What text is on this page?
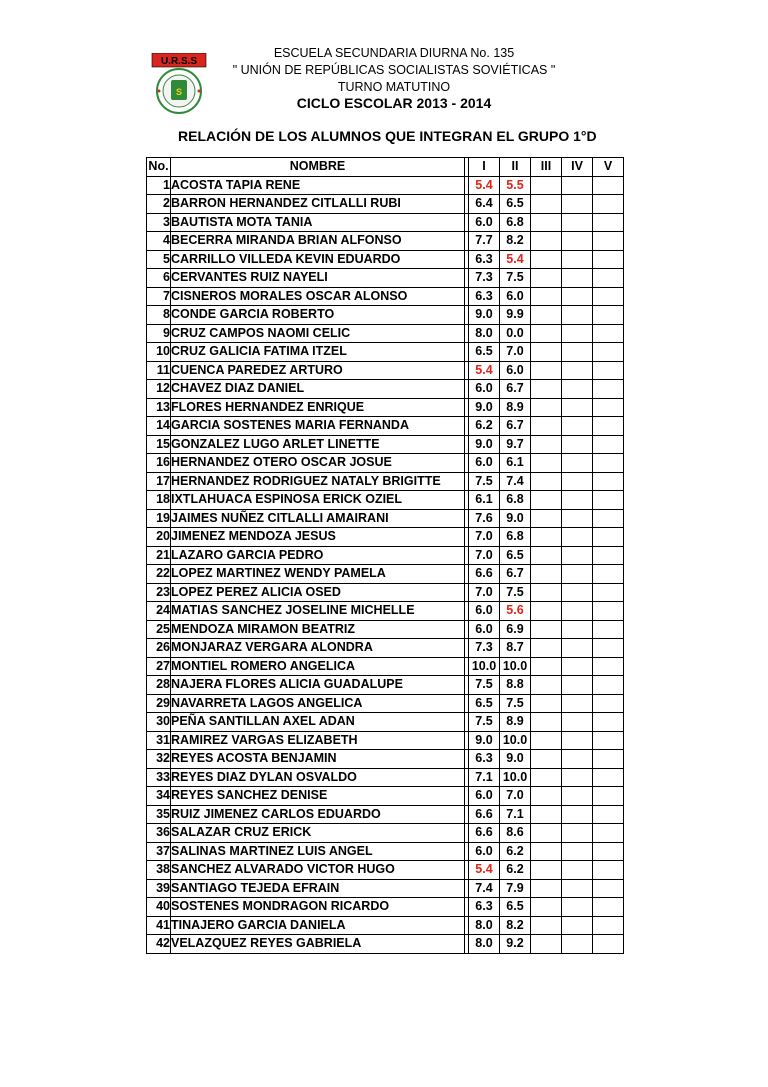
U.R.S.S
S
ESCUELA SECUNDARIA DIURNA No. 135
" UNIÓN DE REPÚBLICAS SOCIALISTAS SOVIÉTICAS "
TURNO MATUTINO
CICLO ESCOLAR 2013 - 2014
RELACIÓN DE LOS ALUMNOS QUE INTEGRAN EL GRUPO 1°D
No.	NOMBRE		I	II	III	IV	V
1	ACOSTA TAPIA RENE		5.4	5.5			
2	BARRON HERNANDEZ CITLALLI RUBI		6.4	6.5			
3	BAUTISTA MOTA TANIA		6.0	6.8			
4	BECERRA MIRANDA BRIAN ALFONSO		7.7	8.2			
5	CARRILLO VILLEDA KEVIN EDUARDO		6.3	5.4			
6	CERVANTES RUIZ NAYELI		7.3	7.5			
7	CISNEROS MORALES OSCAR ALONSO		6.3	6.0			
8	CONDE GARCIA ROBERTO		9.0	9.9			
9	CRUZ CAMPOS NAOMI CELIC		8.0	0.0			
10	CRUZ GALICIA FATIMA ITZEL		6.5	7.0			
11	CUENCA PAREDEZ ARTURO		5.4	6.0			
12	CHAVEZ DIAZ DANIEL		6.0	6.7			
13	FLORES HERNANDEZ ENRIQUE		9.0	8.9			
14	GARCIA SOSTENES MARIA FERNANDA		6.2	6.7			
15	GONZALEZ LUGO ARLET LINETTE		9.0	9.7			
16	HERNANDEZ OTERO OSCAR JOSUE		6.0	6.1			
17	HERNANDEZ RODRIGUEZ NATALY BRIGITTE		7.5	7.4			
18	IXTLAHUACA ESPINOSA ERICK OZIEL		6.1	6.8			
19	JAIMES NUÑEZ CITLALLI AMAIRANI		7.6	9.0			
20	JIMENEZ MENDOZA JESUS		7.0	6.8			
21	LAZARO GARCIA PEDRO		7.0	6.5			
22	LOPEZ MARTINEZ WENDY PAMELA		6.6	6.7			
23	LOPEZ PEREZ ALICIA OSED		7.0	7.5			
24	MATIAS SANCHEZ JOSELINE MICHELLE		6.0	5.6			
25	MENDOZA MIRAMON BEATRIZ		6.0	6.9			
26	MONJARAZ VERGARA ALONDRA		7.3	8.7			
27	MONTIEL ROMERO ANGELICA		10.0	10.0			
28	NAJERA FLORES ALICIA GUADALUPE		7.5	8.8			
29	NAVARRETA LAGOS ANGELICA		6.5	7.5			
30	PEÑA SANTILLAN AXEL ADAN		7.5	8.9			
31	RAMIREZ VARGAS ELIZABETH		9.0	10.0			
32	REYES ACOSTA BENJAMIN		6.3	9.0			
33	REYES DIAZ DYLAN OSVALDO		7.1	10.0			
34	REYES SANCHEZ DENISE		6.0	7.0			
35	RUIZ JIMENEZ CARLOS EDUARDO		6.6	7.1			
36	SALAZAR CRUZ ERICK		6.6	8.6			
37	SALINAS MARTINEZ LUIS ANGEL		6.0	6.2			
38	SANCHEZ ALVARADO VICTOR HUGO		5.4	6.2			
39	SANTIAGO TEJEDA EFRAIN		7.4	7.9			
40	SOSTENES MONDRAGON RICARDO		6.3	6.5			
41	TINAJERO GARCIA DANIELA		8.0	8.2			
42	VELAZQUEZ REYES GABRIELA		8.0	9.2			
